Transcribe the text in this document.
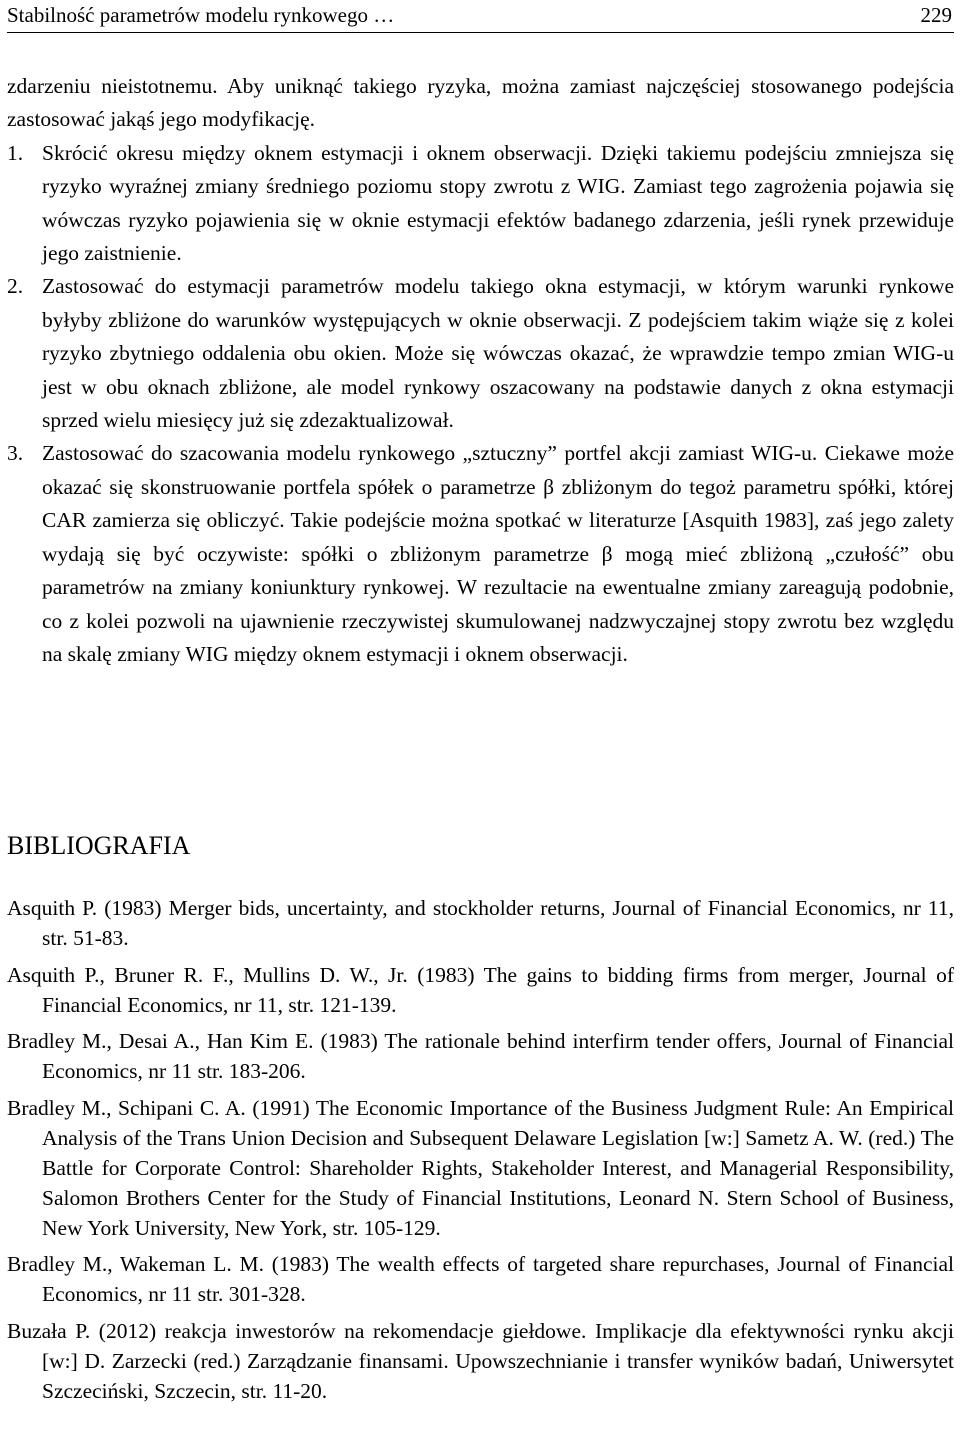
Stabilność parametrów modelu rynkowego …	229

zdarzeniu nieistotnemu. Aby uniknąć takiego ryzyka, można zamiast najczęściej stosowanego podejścia zastosować jakąś jego modyfikację.

1. Skrócić okresu między oknem estymacji i oknem obserwacji. Dzięki takiemu podejściu zmniejsza się ryzyko wyraźnej zmiany średniego poziomu stopy zwrotu z WIG. Zamiast tego zagrożenia pojawia się wówczas ryzyko pojawienia się w oknie estymacji efektów badanego zdarzenia, jeśli rynek przewiduje jego zaistnienie.

2. Zastosować do estymacji parametrów modelu takiego okna estymacji, w którym warunki rynkowe byłyby zbliżone do warunków występujących w oknie obserwacji. Z podejściem takim wiąże się z kolei ryzyko zbytniego oddalenia obu okien. Może się wówczas okazać, że wprawdzie tempo zmian WIG-u jest w obu oknach zbliżone, ale model rynkowy oszacowany na podstawie danych z okna estymacji sprzed wielu miesięcy już się zdezaktualizował.

3. Zastosować do szacowania modelu rynkowego „sztuczny” portfel akcji zamiast WIG-u. Ciekawe może okazać się skonstruowanie portfela spółek o parametrze β zbliżonym do tegoż parametru spółki, której CAR zamierza się obliczyć. Takie podejście można spotkać w literaturze [Asquith 1983], zaś jego zalety wydają się być oczywiste: spółki o zbliżonym parametrze β mogą mieć zbliżoną „czułość” obu parametrów na zmiany koniunktury rynkowej. W rezultacie na ewentualne zmiany zareagują podobnie, co z kolei pozwoli na ujawnienie rzeczywistej skumulowanej nadzwyczajnej stopy zwrotu bez względu na skalę zmiany WIG między oknem estymacji i oknem obserwacji.

BIBLIOGRAFIA

Asquith P. (1983) Merger bids, uncertainty, and stockholder returns, Journal of Financial Economics, nr 11, str. 51-83.

Asquith P., Bruner R. F., Mullins D. W., Jr. (1983) The gains to bidding firms from merger, Journal of Financial Economics, nr 11, str. 121-139.

Bradley M., Desai A., Han Kim E. (1983) The rationale behind interfirm tender offers, Journal of Financial Economics, nr 11 str. 183-206.

Bradley M., Schipani C. A. (1991) The Economic Importance of the Business Judgment Rule: An Empirical Analysis of the Trans Union Decision and Subsequent Delaware Legislation [w:] Sametz A. W. (red.) The Battle for Corporate Control: Shareholder Rights, Stakeholder Interest, and Managerial Responsibility, Salomon Brothers Center for the Study of Financial Institutions, Leonard N. Stern School of Business, New York University, New York, str. 105-129.

Bradley M., Wakeman L. M. (1983) The wealth effects of targeted share repurchases, Journal of Financial Economics, nr 11 str. 301-328.

Buzała P. (2012) reakcja inwestorów na rekomendacje giełdowe. Implikacje dla efektywności rynku akcji [w:] D. Zarzecki (red.) Zarządzanie finansami. Upowszechnianie i transfer wyników badań, Uniwersytet Szczeciński, Szczecin, str. 11-20.
